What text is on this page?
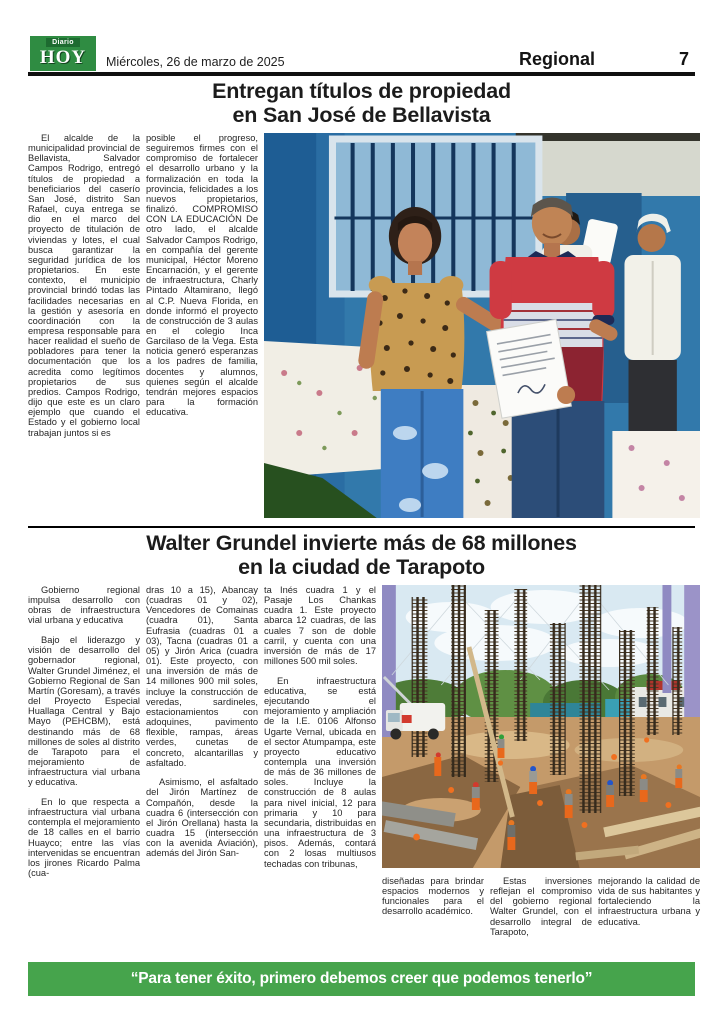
Diario
HOY Miércoles, 26 de marzo de 2025	Regional	7
Entregan títulos de propiedad
en San José de Bellavista

El alcalde de la municipalidad provincial de Bellavista, Salvador Campos Rodrigo, entregó títulos de propiedad a beneficiarios del caserío San José, distrito San Rafael, cuya entrega se dio en el marco del proyecto de titulación de viviendas y lotes, el cual busca garantizar la seguridad jurídica de los propietarios. En este contexto, el municipio provincial brindó todas las facilidades necesarias en la gestión y asesoría en coordinación con la empresa responsable para hacer realidad el sueño de pobladores para tener la documentación que los acredita como legítimos propietarios de sus predios. Campos Rodrigo, dijo que este es un claro ejemplo que cuando el Estado y el gobierno local trabajan juntos si es

posible el progreso, seguiremos firmes con el compromiso de fortalecer el desarrollo urbano y la formalización en toda la provincia, felicidades a los nuevos propietarios, finalizó. COMPROMISO CON LA EDUCACIÓN De otro lado, el alcalde Salvador Campos Rodrigo, en compañía del gerente municipal, Héctor Moreno Encarnación, y el gerente de infraestructura, Charly Pintado Altamirano, llegó al C.P. Nueva Florida, en donde informó el proyecto de construcción de 3 aulas en el colegio Inca Garcilaso de la Vega. Esta noticia generó esperanzas a los padres de familia, docentes y alumnos, quienes según el alcalde tendrán mejores espacios para la formación educativa.

Walter Grundel invierte más de 68 millones
en la ciudad de Tarapoto

Gobierno regional impulsa desarrollo con obras de infraestructura vial urbana y educativa

Bajo el liderazgo y visión de desarrollo del gobernador regional, Walter Grundel Jiménez, el Gobierno Regional de San Martín (Goresam), a través del Proyecto Especial Huallaga Central y Bajo Mayo (PEHCBM), está destinando más de 68 millones de soles al distrito de Tarapoto para el mejoramiento de infraestructura vial urbana y educativa.

En lo que respecta a infraestructura vial urbana contempla el mejoramiento de 18 calles en el barrio Huayco; entre las vías intervenidas se encuentran los jirones Ricardo Palma (cua-

dras 10 a 15), Abancay (cuadras 01 y 02), Vencedores de Comainas (cuadra 01), Santa Eufrasia (cuadras 01 a 03), Tacna (cuadras 01 a 05) y Jirón Arica (cuadra 01). Este proyecto, con una inversión de más de 14 millones 900 mil soles, incluye la construcción de veredas, sardineles, estacionamientos con adoquines, pavimento flexible, rampas, áreas verdes, cunetas de concreto, alcantarillas y asfaltado.

Asimismo, el asfaltado del Jirón Martínez de Compañón, desde la cuadra 6 (intersección con el Jirón Orellana) hasta la cuadra 15 (intersección con la avenida Aviación), además del Jirón San-

ta Inés cuadra 1 y el Pasaje Los Chankas cuadra 1. Este proyecto abarca 12 cuadras, de las cuales 7 son de doble carril, y cuenta con una inversión de más de 17 millones 500 mil soles.

En infraestructura educativa, se está ejecutando el mejoramiento y ampliación de la I.E. 0106 Alfonso Ugarte Vernal, ubicada en el sector Atumpampa, este proyecto educativo contempla una inversión de más de 36 millones de soles. Incluye la construcción de 8 aulas para nivel inicial, 12 para primaria y 10 para secundaria, distribuidas en una infraestructura de 3 pisos. Además, contará con 2 losas multiusos techadas con tribunas,

diseñadas para brindar espacios modernos y funcionales para el desarrollo académico.

Estas inversiones reflejan el compromiso del gobierno regional Walter Grundel, con el desarrollo integral de Tarapoto,

mejorando la calidad de vida de sus habitantes y fortaleciendo la infraestructura urbana y educativa.

“Para tener éxito, primero debemos creer que podemos tenerlo”
